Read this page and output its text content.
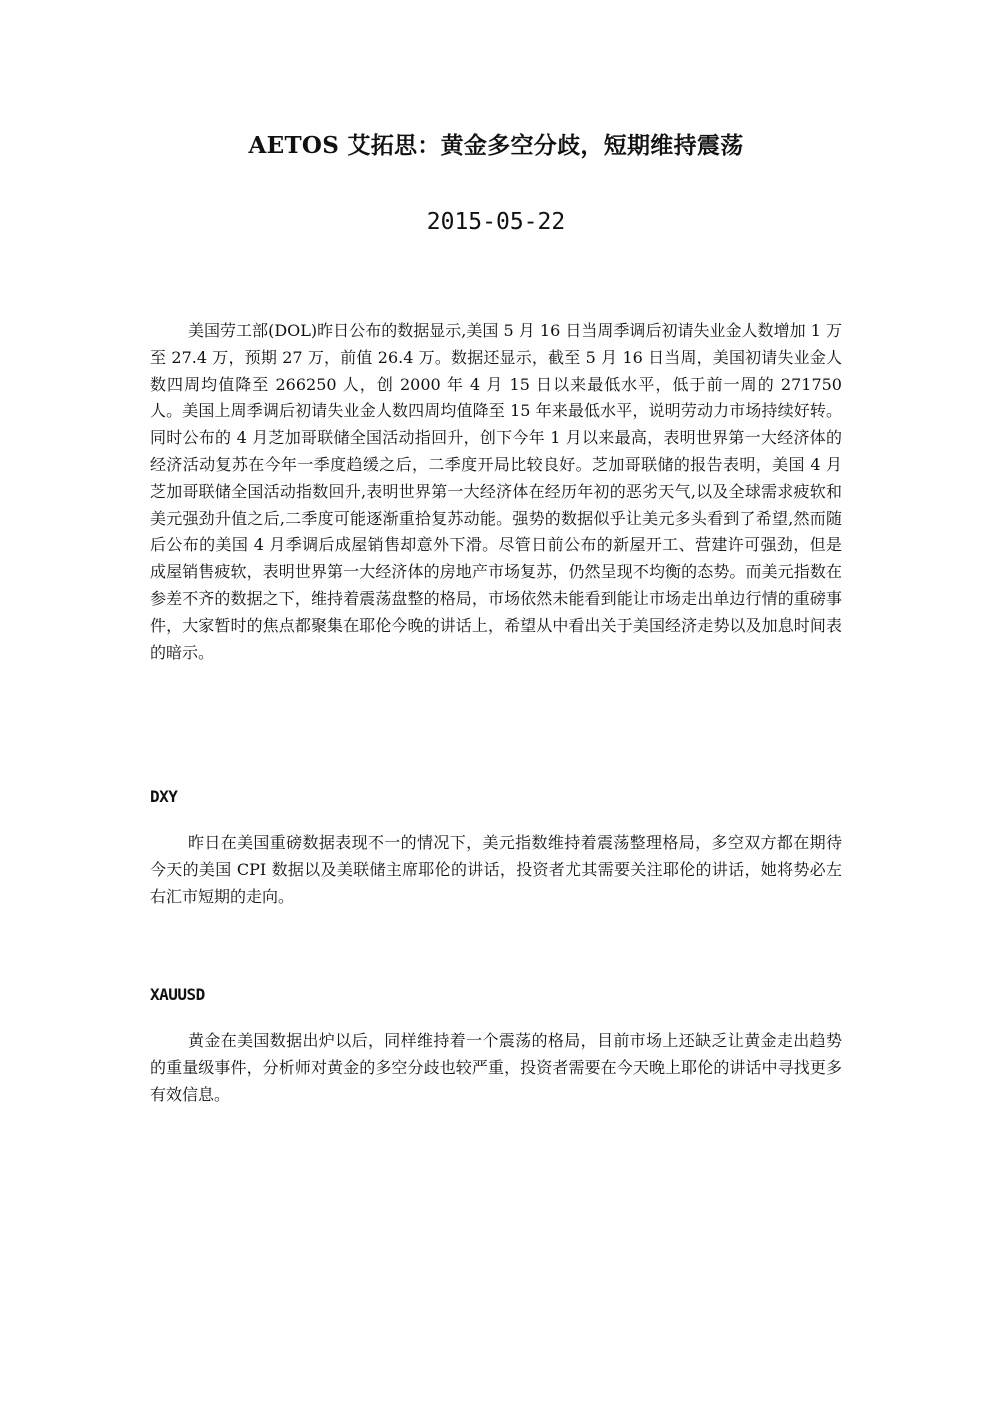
AETOS 艾拓思：黄金多空分歧，短期维持震荡
2015-05-22

美国劳工部(DOL)昨日公布的数据显示,美国 5 月 16 日当周季调后初请失业金人数增加 1 万至 27.4 万，预期 27 万，前值 26.4 万。数据还显示，截至 5 月 16 日当周，美国初请失业金人数四周均值降至 266250 人，创 2000 年 4 月 15 日以来最低水平，低于前一周的 271750 人。美国上周季调后初请失业金人数四周均值降至 15 年来最低水平，说明劳动力市场持续好转。同时公布的 4 月芝加哥联储全国活动指回升，创下今年 1 月以来最高，表明世界第一大经济体的经济活动复苏在今年一季度趋缓之后，二季度开局比较良好。芝加哥联储的报告表明，美国 4 月芝加哥联储全国活动指数回升,表明世界第一大经济体在经历年初的恶劣天气,以及全球需求疲软和美元强劲升值之后,二季度可能逐渐重拾复苏动能。强势的数据似乎让美元多头看到了希望,然而随后公布的美国 4 月季调后成屋销售却意外下滑。尽管日前公布的新屋开工、营建许可强劲，但是成屋销售疲软，表明世界第一大经济体的房地产市场复苏，仍然呈现不均衡的态势。而美元指数在参差不齐的数据之下，维持着震荡盘整的格局，市场依然未能看到能让市场走出单边行情的重磅事件，大家暂时的焦点都聚集在耶伦今晚的讲话上，希望从中看出关于美国经济走势以及加息时间表的暗示。

DXY

昨日在美国重磅数据表现不一的情况下，美元指数维持着震荡整理格局，多空双方都在期待今天的美国 CPI 数据以及美联储主席耶伦的讲话，投资者尤其需要关注耶伦的讲话，她将势必左右汇市短期的走向。

XAUUSD

黄金在美国数据出炉以后，同样维持着一个震荡的格局，目前市场上还缺乏让黄金走出趋势的重量级事件，分析师对黄金的多空分歧也较严重，投资者需要在今天晚上耶伦的讲话中寻找更多有效信息。
